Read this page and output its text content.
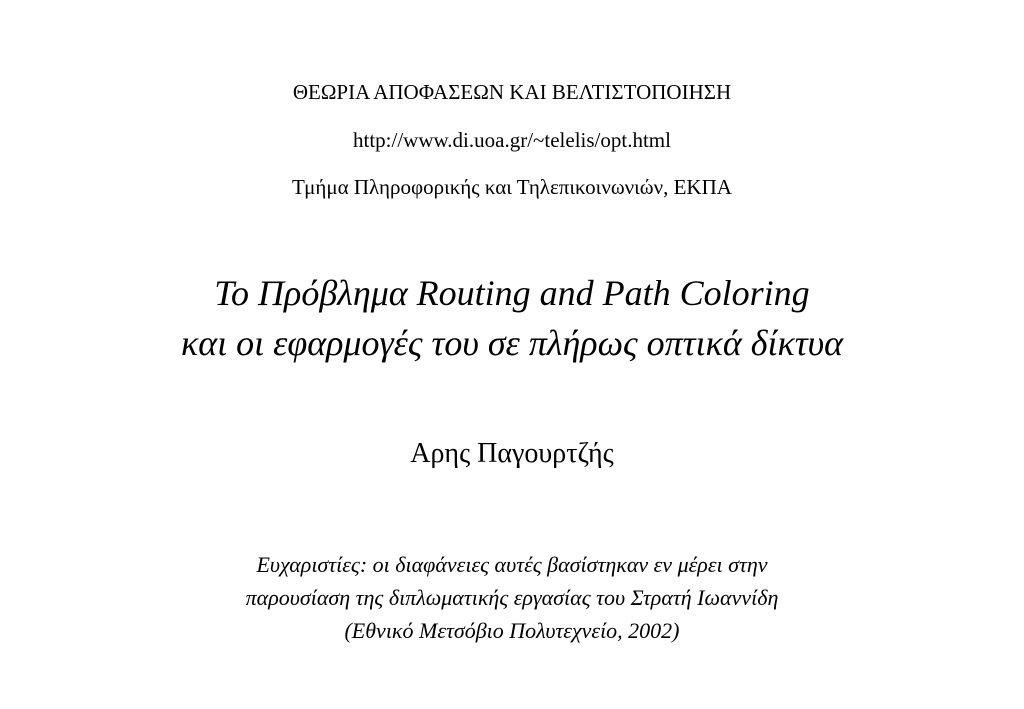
ΘΕΩΡΙΑ ΑΠΟΦΑΣΕΩΝ ΚΑΙ ΒΕΛΤΙΣΤΟΠΟΙΗΣΗ
http://www.di.uoa.gr/~telelis/opt.html
Τμήμα Πληροφορικής και Τηλεπικοινωνιών, ΕΚΠΑ
Το Πρόβλημα Routing and Path Coloring
και οι εφαρμογές του σε πλήρως οπτικά δίκτυα
Αρης Παγουρτζής
Ευχαριστίες: οι διαφάνειες αυτές βασίστηκαν εν μέρει στην
παρουσίαση της διπλωματικής εργασίας του Στρατή Ιωαννίδη
(Εθνικό Μετσόβιο Πολυτεχνείο, 2002)
